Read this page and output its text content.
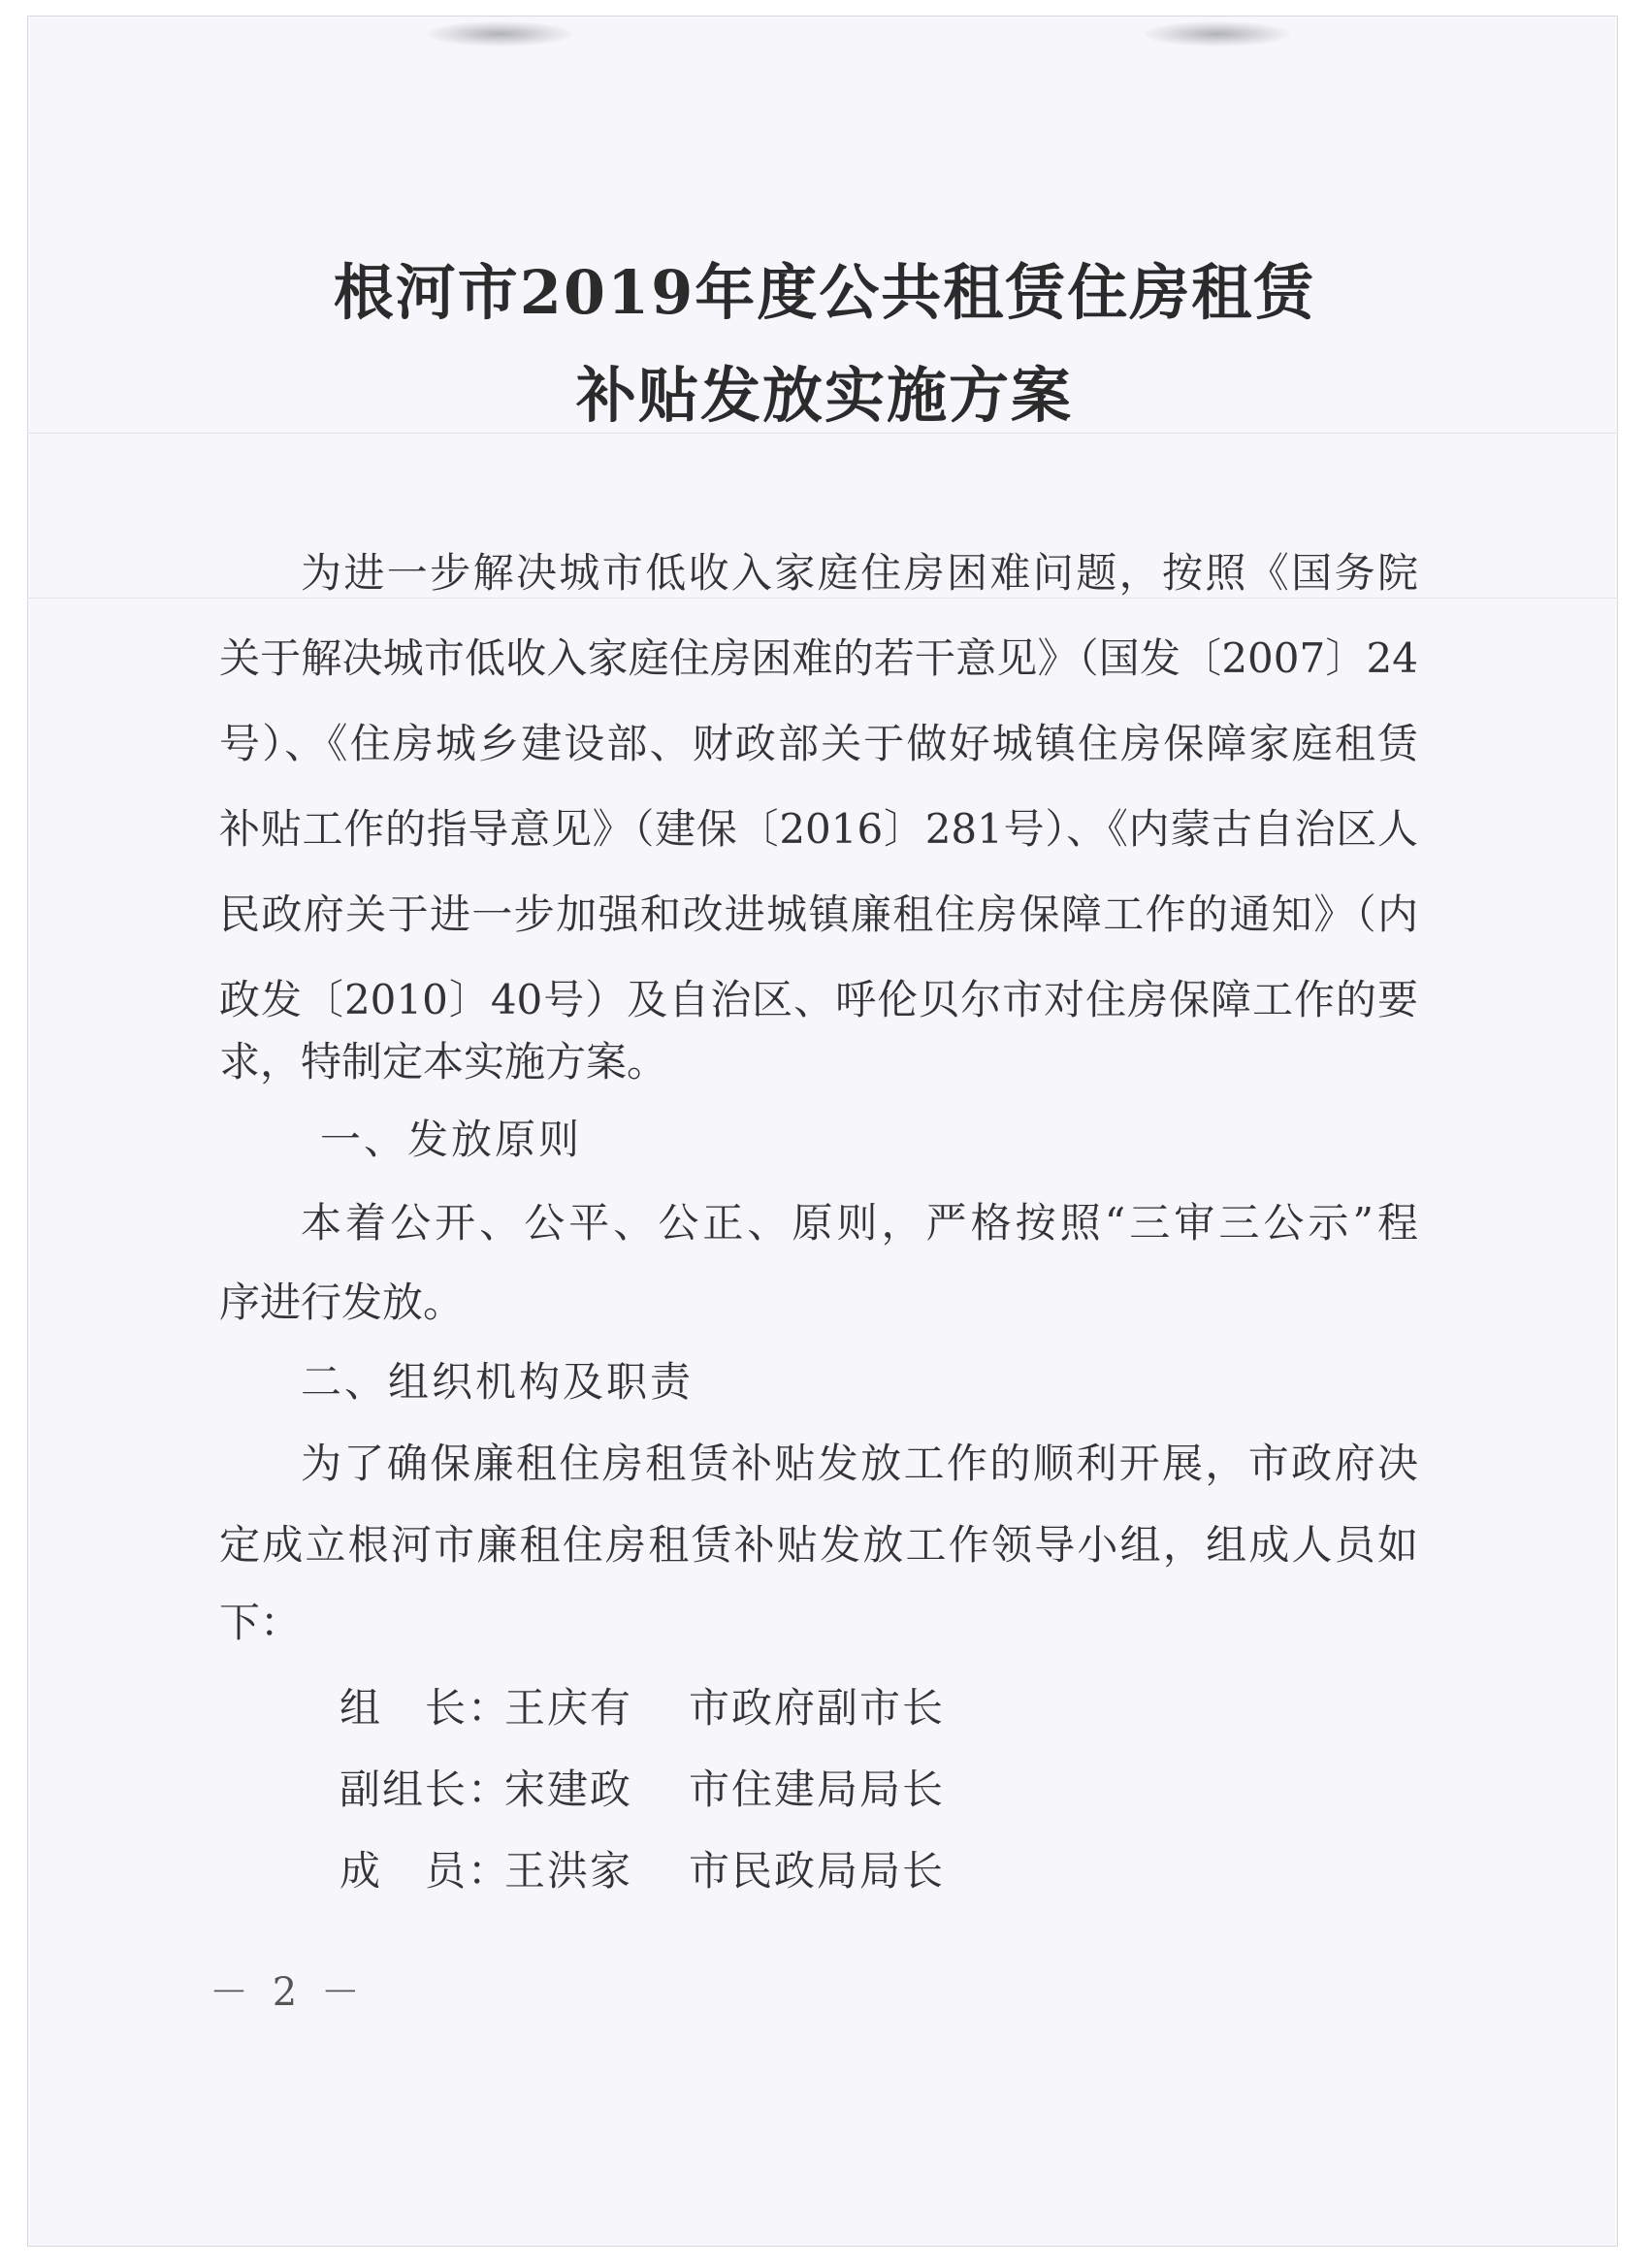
根河市2019年度公共租赁住房租赁
补贴发放实施方案
为进一步解决城市低收入家庭住房困难问题，按照《国务院
关于解决城市低收入家庭住房困难的若干意见》（国发〔2007〕24
号）、《住房城乡建设部、财政部关于做好城镇住房保障家庭租赁
补贴工作的指导意见》（建保〔2016〕281号）、《内蒙古自治区人
民政府关于进一步加强和改进城镇廉租住房保障工作的通知》（内
政发〔2010〕40号）及自治区、呼伦贝尔市对住房保障工作的要
求，特制定本实施方案。
一、发放原则
本着公开、公平、公正、原则，严格按照“三审三公示”程
序进行发放。
二、组织机构及职责
为了确保廉租住房租赁补贴发放工作的顺利开展，市政府决
定成立根河市廉租住房租赁补贴发放工作领导小组，组成人员如
下：
组　长：王庆有 市政府副市长
副组长：宋建政 市住建局局长
成　员：王洪家 市民政局局长
－ 2 －
